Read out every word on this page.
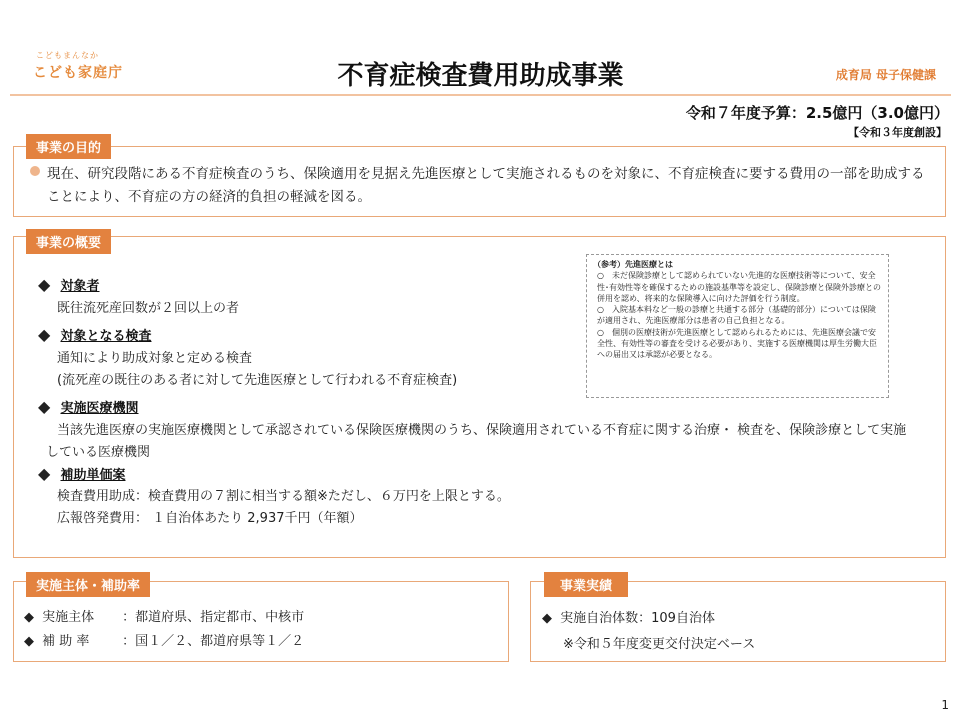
こどもまんなか
こども家庭庁	不育症検査費用助成事業	成育局 母子保健課
令和７年度予算：2.5億円（3.0億円）
【令和３年度創設】
事業の目的
現在、研究段階にある不育症検査のうち、保険適用を見据え先進医療として実施されるものを対象に、不育症検査に要する費用の一部を助成することにより、不育症の方の経済的負担の軽減を図る。
事業の概要
◆ 対象者
既往流死産回数が２回以上の者
◆ 対象となる検査
通知により助成対象と定める検査
(流死産の既往のある者に対して先進医療として行われる不育症検査)
◆ 実施医療機関
当該先進医療の実施医療機関として承認されている保険医療機関のうち、保険適用されている不育症に関する治療・ 検査を、保険診療として実施している医療機関
◆ 補助単価案
検査費用助成：検査費用の７割に相当する額※ただし、６万円を上限とする。
広報啓発費用： １自治体あたり 2,937千円（年額）
（参考）先進医療とは
○　未だ保険診療として認められていない先進的な医療技術等について、安全性･有効性等を確保するための施設基準等を設定し、保険診療と保険外診療との併用を認め、将来的な保険導入に向けた評価を行う制度。
○　入院基本料など一般の診療と共通する部分（基礎的部分）については保険が適用され、先進医療部分は患者の自己負担となる。
○　個別の医療技術が先進医療として認められるためには、先進医療会議で安全性、有効性等の審査を受ける必要があり、実施する医療機関は厚生労働大臣への届出又は承認が必要となる。
実施主体・補助率
◆ 実施主体 ：都道府県、指定都市、中核市
◆ 補 助 率	：国１／２、都道府県等１／２
事業実績
◆ 実施自治体数：109自治体
※令和５年度変更交付決定ベース
1
